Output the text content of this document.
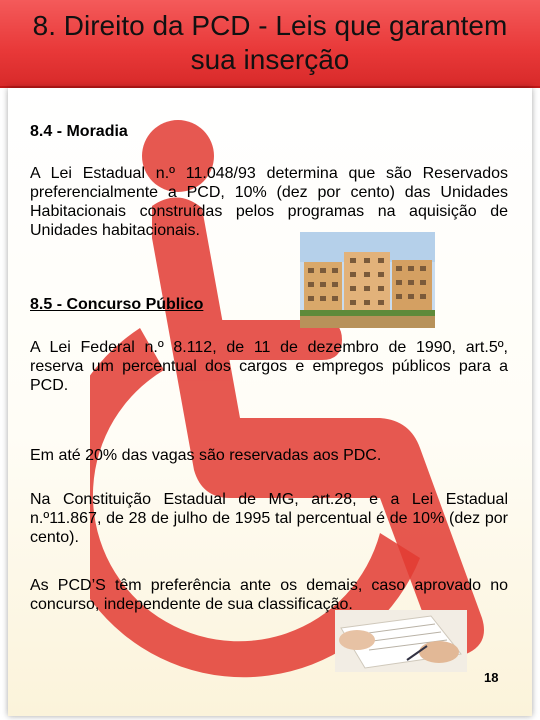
8. Direito da PCD - Leis que garantem sua inserção

8.4 - Moradia

A Lei Estadual n.º 11.048/93 determina que são Reservados preferencialmente a PCD, 10% (dez por cento) das Unidades Habitacionais construídas pelos programas na aquisição de Unidades habitacionais.

8.5 - Concurso Público

A Lei Federal n.º 8.112, de 11 de dezembro de 1990, art.5º, reserva um percentual dos cargos e empregos públicos para a PCD.

Em até 20% das vagas são reservadas aos PDC.

Na Constituição Estadual de MG, art.28, e a Lei Estadual n.º11.867, de 28 de julho de 1995 tal percentual é de 10% (dez por cento).

As PCD’S têm preferência ante os demais, caso aprovado no concurso, independente de sua classificação.

18
